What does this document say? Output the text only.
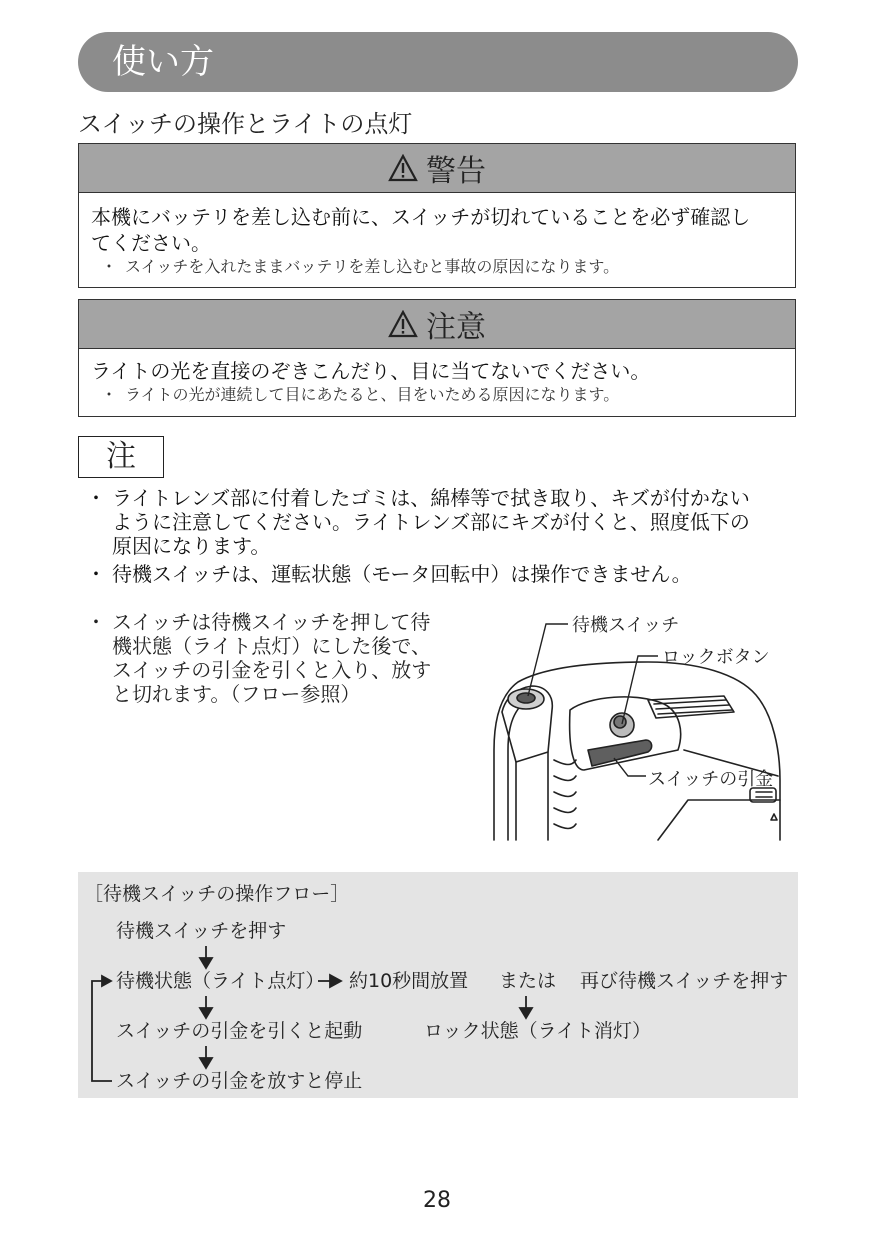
使い方
スイッチの操作とライトの点灯
警告
本機にバッテリを差し込む前に、スイッチが切れていることを必ず確認し
てください。
・ スイッチを入れたままバッテリを差し込むと事故の原因になります。
注意
ライトの光を直接のぞきこんだり、目に当てないでください。
・ ライトの光が連続して目にあたると、目をいためる原因になります。
注
・ ライトレンズ部に付着したゴミは、綿棒等で拭き取り、キズが付かない
ように注意してください。ライトレンズ部にキズが付くと、照度低下の
原因になります。
・ 待機スイッチは、運転状態（モータ回転中）は操作できません。
・ スイッチは待機スイッチを押して待
機状態（ライト点灯）にした後で、
スイッチの引金を引くと入り、放す
と切れます。（フロー参照）
待機スイッチ
ロックボタン
スイッチの引金
［待機スイッチの操作フロー］
待機スイッチを押す
待機状態（ライト点灯） 約10秒間放置 または 再び待機スイッチを押す
スイッチの引金を引くと起動	ロック状態（ライト消灯）
スイッチの引金を放すと停止
28
